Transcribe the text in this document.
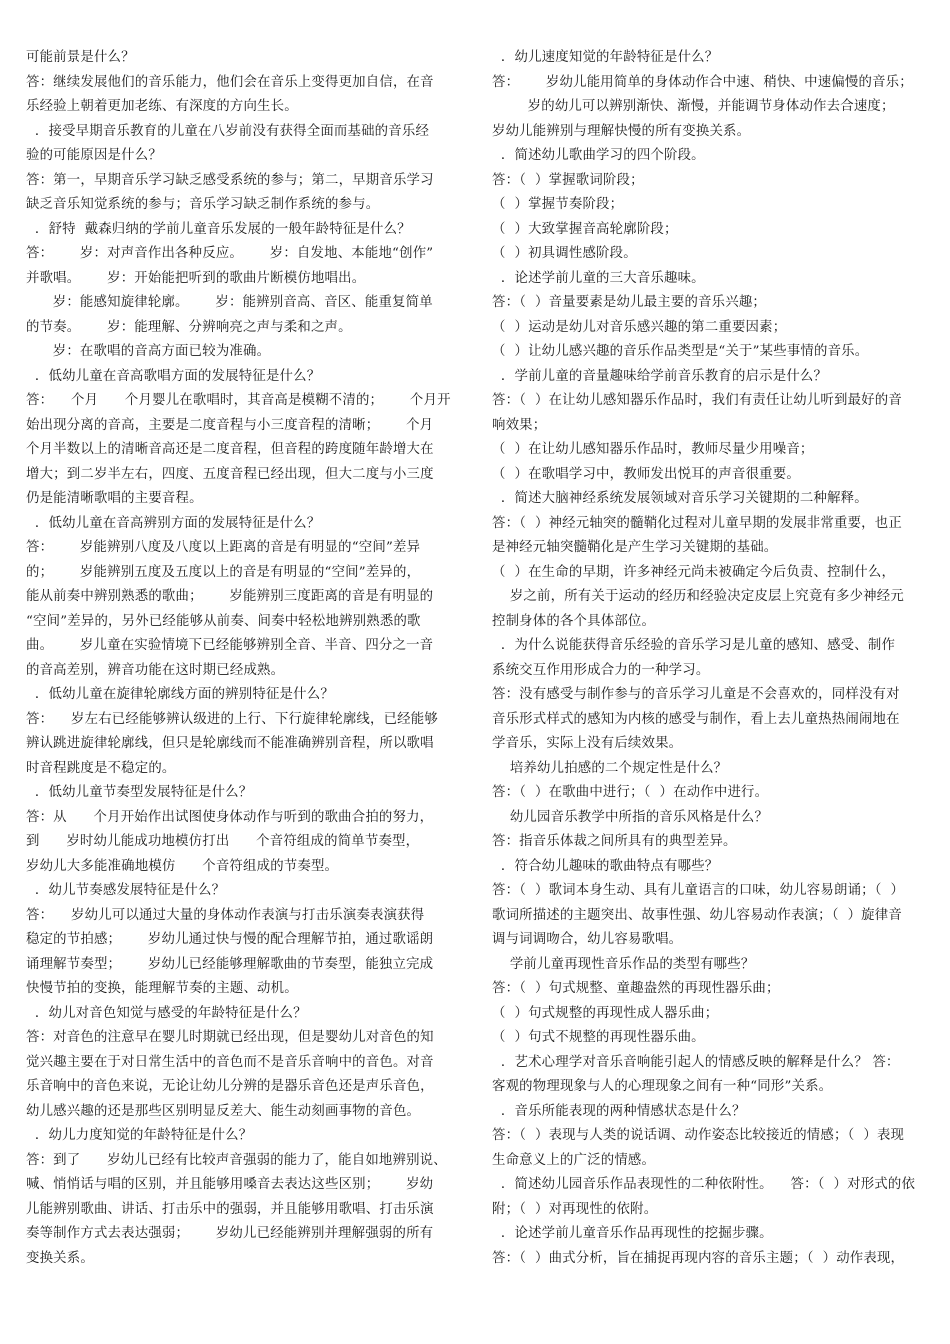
可能前景是什么？
答：继续发展他们的音乐能力，他们会在音乐上变得更加自信，在音
乐经验上朝着更加老练、有深度的方向生长。
．接受早期音乐教育的儿童在八岁前没有获得全面而基础的音乐经
验的可能原因是什么？
答：第一，早期音乐学习缺乏感受系统的参与；第二，早期音乐学习
缺乏音乐知觉系统的参与；音乐学习缺乏制作系统的参与。
．舒特  戴森归纳的学前儿童音乐发展的一般年龄特征是什么？
答：      岁：对声音作出各种反应。      岁：自发地、本能地“创作”
并歌唱。      岁：开始能把听到的歌曲片断模仿地唱出。
岁：能感知旋律轮廓。      岁：能辨别音高、音区、能重复简单
的节奏。      岁：能理解、分辨响亮之声与柔和之声。
岁：在歌唱的音高方面已较为准确。
．低幼儿童在音高歌唱方面的发展特征是什么？
答：    个月      个月婴儿在歌唱时，其音高是模糊不清的；      个月开
始出现分离的音高，主要是二度音程与小三度音程的清晰；      个月
个月半数以上的清晰音高还是二度音程，但音程的跨度随年龄增大在
增大；到二岁半左右，四度、五度音程已经出现，但大二度与小三度
仍是能清晰歌唱的主要音程。
．低幼儿童在音高辨别方面的发展特征是什么？
答：      岁能辨别八度及八度以上距离的音是有明显的“空间”差异
的；      岁能辨别五度及五度以上的音是有明显的“空间”差异的，
能从前奏中辨别熟悉的歌曲；      岁能辨别三度距离的音是有明显的
“空间”差异的，另外已经能够从前奏、间奏中轻松地辨别熟悉的歌
曲。      岁儿童在实验情境下已经能够辨别全音、半音、四分之一音
的音高差别，辨音功能在这时期已经成熟。
．低幼儿童在旋律轮廓线方面的辨别特征是什么？
答：    岁左右已经能够辨认级进的上行、下行旋律轮廓线，已经能够
辨认跳进旋律轮廓线，但只是轮廓线而不能准确辨别音程，所以歌唱
时音程跳度是不稳定的。
．低幼儿童节奏型发展特征是什么？
答：从      个月开始作出试图使身体动作与听到的歌曲合拍的努力，
到      岁时幼儿能成功地模仿打出      个音符组成的简单节奏型，
岁幼儿大多能准确地模仿      个音符组成的节奏型。
．幼儿节奏感发展特征是什么？
答：    岁幼儿可以通过大量的身体动作表演与打击乐演奏表演获得
稳定的节拍感；      岁幼儿通过快与慢的配合理解节拍，通过歌谣朗
诵理解节奏型；      岁幼儿已经能够理解歌曲的节奏型，能独立完成
快慢节拍的变换，能理解节奏的主题、动机。
．幼儿对音色知觉与感受的年龄特征是什么？
答：对音色的注意早在婴儿时期就已经出现，但是婴幼儿对音色的知
觉兴趣主要在于对日常生活中的音色而不是音乐音响中的音色。对音
乐音响中的音色来说，无论让幼儿分辨的是器乐音色还是声乐音色，
幼儿感兴趣的还是那些区别明显反差大、能生动刻画事物的音色。
．幼儿力度知觉的年龄特征是什么？
答：到了      岁幼儿已经有比较声音强弱的能力了，能自如地辨别说、
喊、悄悄话与唱的区别，并且能够用嗓音去表达这些区别；      岁幼
儿能辨别歌曲、讲话、打击乐中的强弱，并且能够用歌唱、打击乐演
奏等制作方式去表达强弱；      岁幼儿已经能辨别并理解强弱的所有
变换关系。
．幼儿速度知觉的年龄特征是什么？
答：      岁幼儿能用简单的身体动作合中速、稍快、中速偏慢的音乐；
岁的幼儿可以辨别渐快、渐慢，并能调节身体动作去合速度；
岁幼儿能辨别与理解快慢的所有变换关系。
．简述幼儿歌曲学习的四个阶段。
答：（  ）掌握歌词阶段；
（  ）掌握节奏阶段；
（  ）大致掌握音高轮廓阶段；
（  ）初具调性感阶段。
．论述学前儿童的三大音乐趣味。
答：（  ）音量要素是幼儿最主要的音乐兴趣；
（  ）运动是幼儿对音乐感兴趣的第二重要因素；
（  ）让幼儿感兴趣的音乐作品类型是“关于”某些事情的音乐。
．学前儿童的音量趣味给学前音乐教育的启示是什么？
答：（  ）在让幼儿感知器乐作品时，我们有责任让幼儿听到最好的音
响效果；
（  ）在让幼儿感知器乐作品时，教师尽量少用噪音；
（  ）在歌唱学习中，教师发出悦耳的声音很重要。
．简述大脑神经系统发展领域对音乐学习关键期的二种解释。
答：（  ）神经元轴突的髓鞘化过程对儿童早期的发展非常重要，也正
是神经元轴突髓鞘化是产生学习关键期的基础。
（  ）在生命的早期，许多神经元尚未被确定今后负责、控制什么，
岁之前，所有关于运动的经历和经验决定皮层上究竟有多少神经元
控制身体的各个具体部位。
．为什么说能获得音乐经验的音乐学习是儿童的感知、感受、制作
系统交互作用形成合力的一种学习。
答：没有感受与制作参与的音乐学习儿童是不会喜欢的，同样没有对
音乐形式样式的感知为内核的感受与制作，看上去儿童热热闹闹地在
学音乐，实际上没有后续效果。
培养幼儿拍感的二个规定性是什么？
答：（  ）在歌曲中进行；（  ）在动作中进行。
幼儿园音乐教学中所指的音乐风格是什么？
答：指音乐体裁之间所具有的典型差异。
．符合幼儿趣味的歌曲特点有哪些？
答：（  ）歌词本身生动、具有儿童语言的口味，幼儿容易朗诵；（  ）
歌词所描述的主题突出、故事性强、幼儿容易动作表演；（  ）旋律音
调与词调吻合，幼儿容易歌唱。
学前儿童再现性音乐作品的类型有哪些？
答：（  ）句式规整、童趣盎然的再现性器乐曲；
（  ）句式规整的再现性成人器乐曲；
（  ）句式不规整的再现性器乐曲。
．艺术心理学对音乐音响能引起人的情感反映的解释是什么？ 答：
客观的物理现象与人的心理现象之间有一种“同形”关系。
．音乐所能表现的两种情感状态是什么？
答：（  ）表现与人类的说话调、动作姿态比较接近的情感；（  ）表现
生命意义上的广泛的情感。
．简述幼儿园音乐作品表现性的二种依附性。    答：（  ）对形式的依
附；（  ）对再现性的依附。
．论述学前儿童音乐作品再现性的挖掘步骤。
答：（  ）曲式分析，旨在捕捉再现内容的音乐主题；（  ）动作表现，
